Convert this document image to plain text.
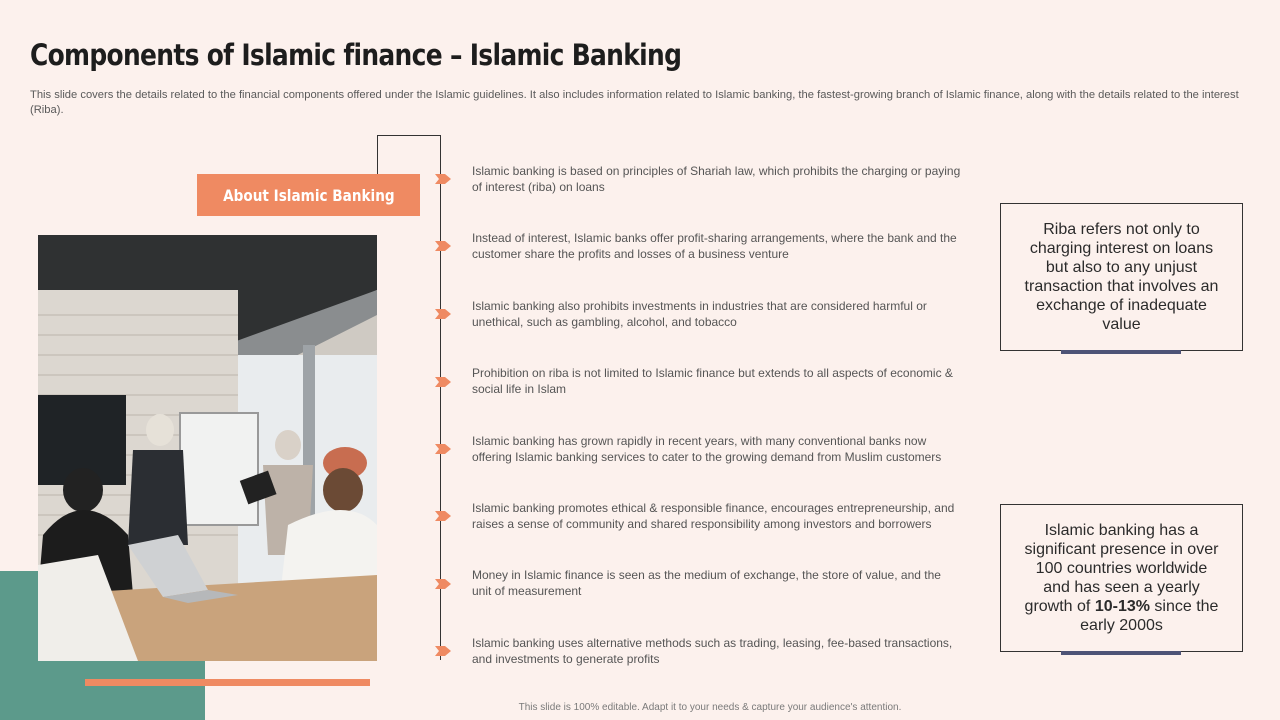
Components of Islamic finance – Islamic Banking
This slide covers the details related to the financial components offered under the Islamic guidelines. It also includes information related to Islamic banking, the fastest-growing branch of Islamic finance, along with the details related to the interest (Riba).
About Islamic Banking
Islamic banking is based on principles of Shariah law, which prohibits the charging or paying of interest (riba) on loans
Instead of interest, Islamic banks offer profit-sharing arrangements, where the bank and the customer share the profits and losses of a business venture
Islamic banking also prohibits investments in industries that are considered harmful or unethical, such as gambling, alcohol, and tobacco
Prohibition on riba is not limited to Islamic finance but extends to all aspects of economic & social life in Islam
Islamic banking has grown rapidly in recent years, with many conventional banks now offering Islamic banking services to cater to the growing demand from Muslim customers
Islamic banking promotes ethical & responsible finance, encourages entrepreneurship, and raises a sense of community and shared responsibility among investors and borrowers
Money in Islamic finance is seen as the medium of exchange, the store of value, and the unit of measurement
Islamic banking uses alternative methods such as trading, leasing, fee-based transactions, and investments to generate profits
Riba refers not only to charging interest on loans but also to any unjust transaction that involves an exchange of inadequate value
Islamic banking has a significant presence in over 100 countries worldwide and has seen a yearly growth of 10-13% since the early 2000s
This slide is 100% editable. Adapt it to your needs & capture your audience's attention.
